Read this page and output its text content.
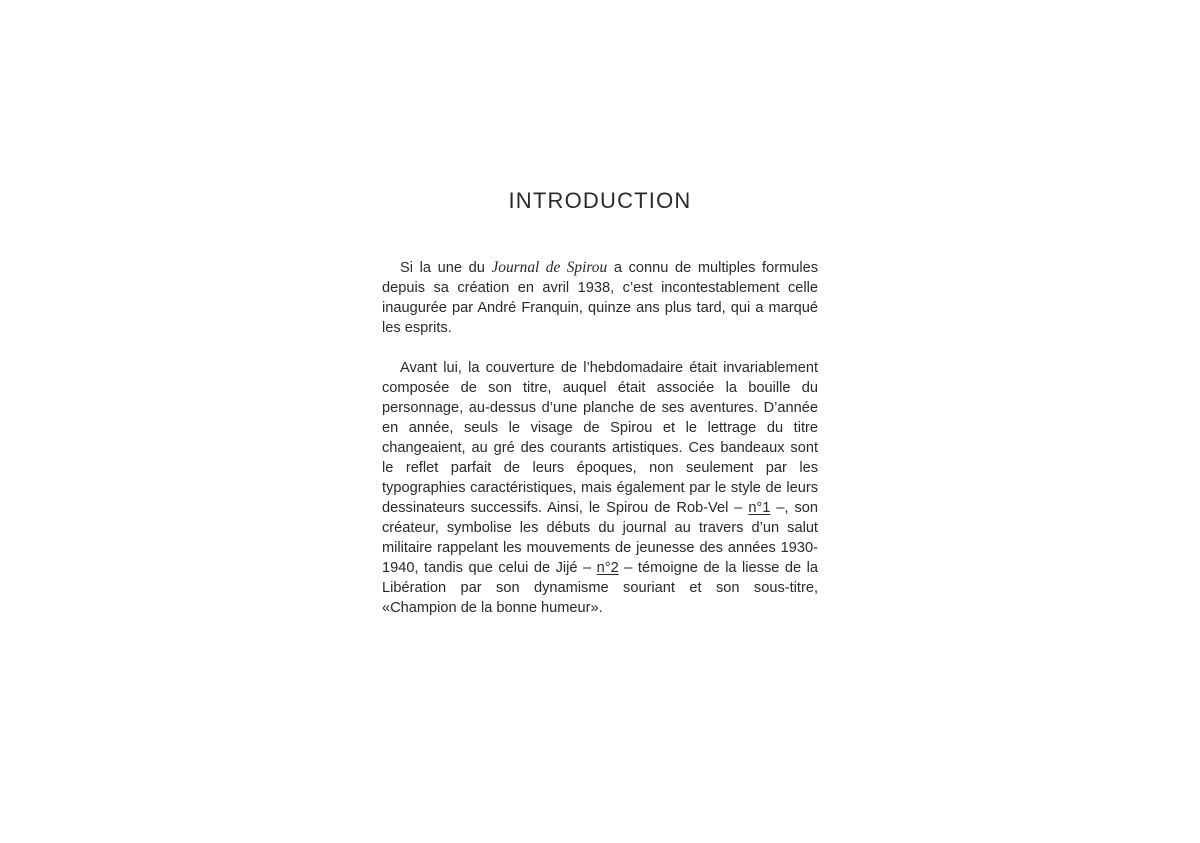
INTRODUCTION

Si la une du Journal de Spirou a connu de multiples formules depuis sa création en avril 1938, c’est incontestablement celle inaugurée par André Franquin, quinze ans plus tard, qui a marqué les esprits.

Avant lui, la couverture de l’hebdomadaire était invariablement composée de son titre, auquel était associée la bouille du personnage, au-dessus d’une planche de ses aventures. D’année en année, seuls le visage de Spirou et le lettrage du titre changeaient, au gré des courants artistiques. Ces bandeaux sont le reflet parfait de leurs époques, non seulement par les typographies caractéristiques, mais également par le style de leurs dessinateurs successifs. Ainsi, le Spirou de Rob-Vel – n°1 –, son créateur, symbolise les débuts du journal au travers d’un salut militaire rappelant les mouvements de jeunesse des années 1930-1940, tandis que celui de Jijé – n°2 – témoigne de la liesse de la Libération par son dynamisme souriant et son sous-titre, «Champion de la bonne humeur».
